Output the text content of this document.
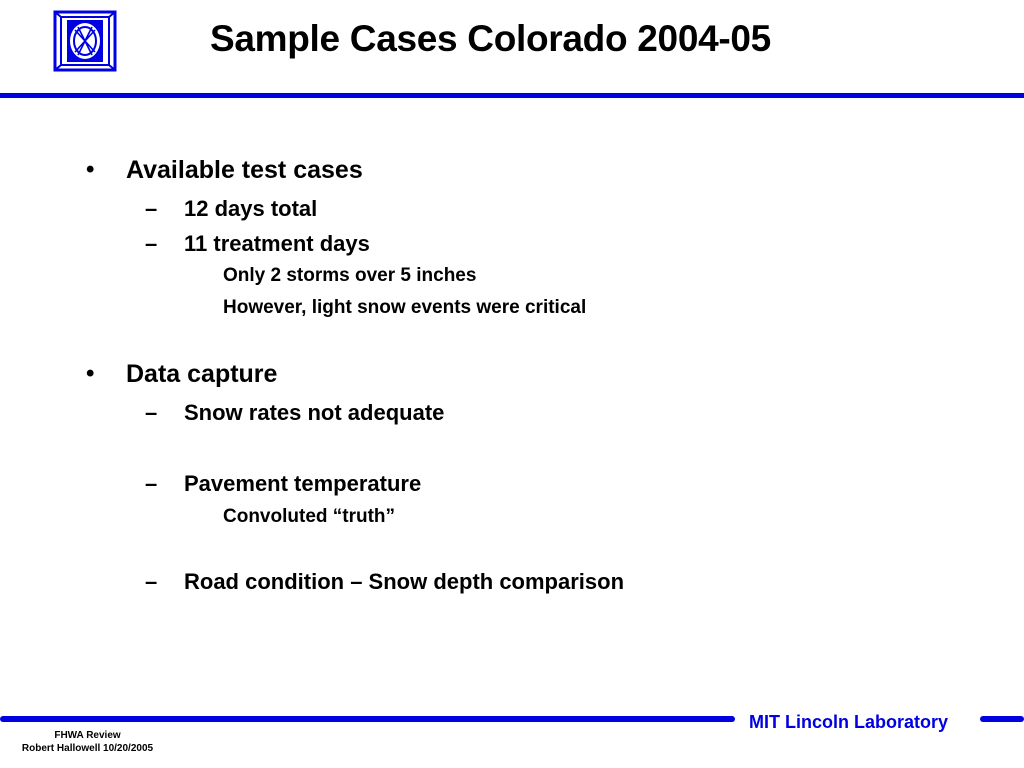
Sample Cases Colorado 2004-05
• Available test cases
– 12 days total
– 11 treatment days
Only 2 storms over 5 inches
However, light snow events were critical
• Data capture
– Snow rates not adequate
– Pavement temperature
Convoluted “truth”
– Road condition – Snow depth comparison
MIT Lincoln Laboratory
FHWA Review
Robert Hallowell 10/20/2005
